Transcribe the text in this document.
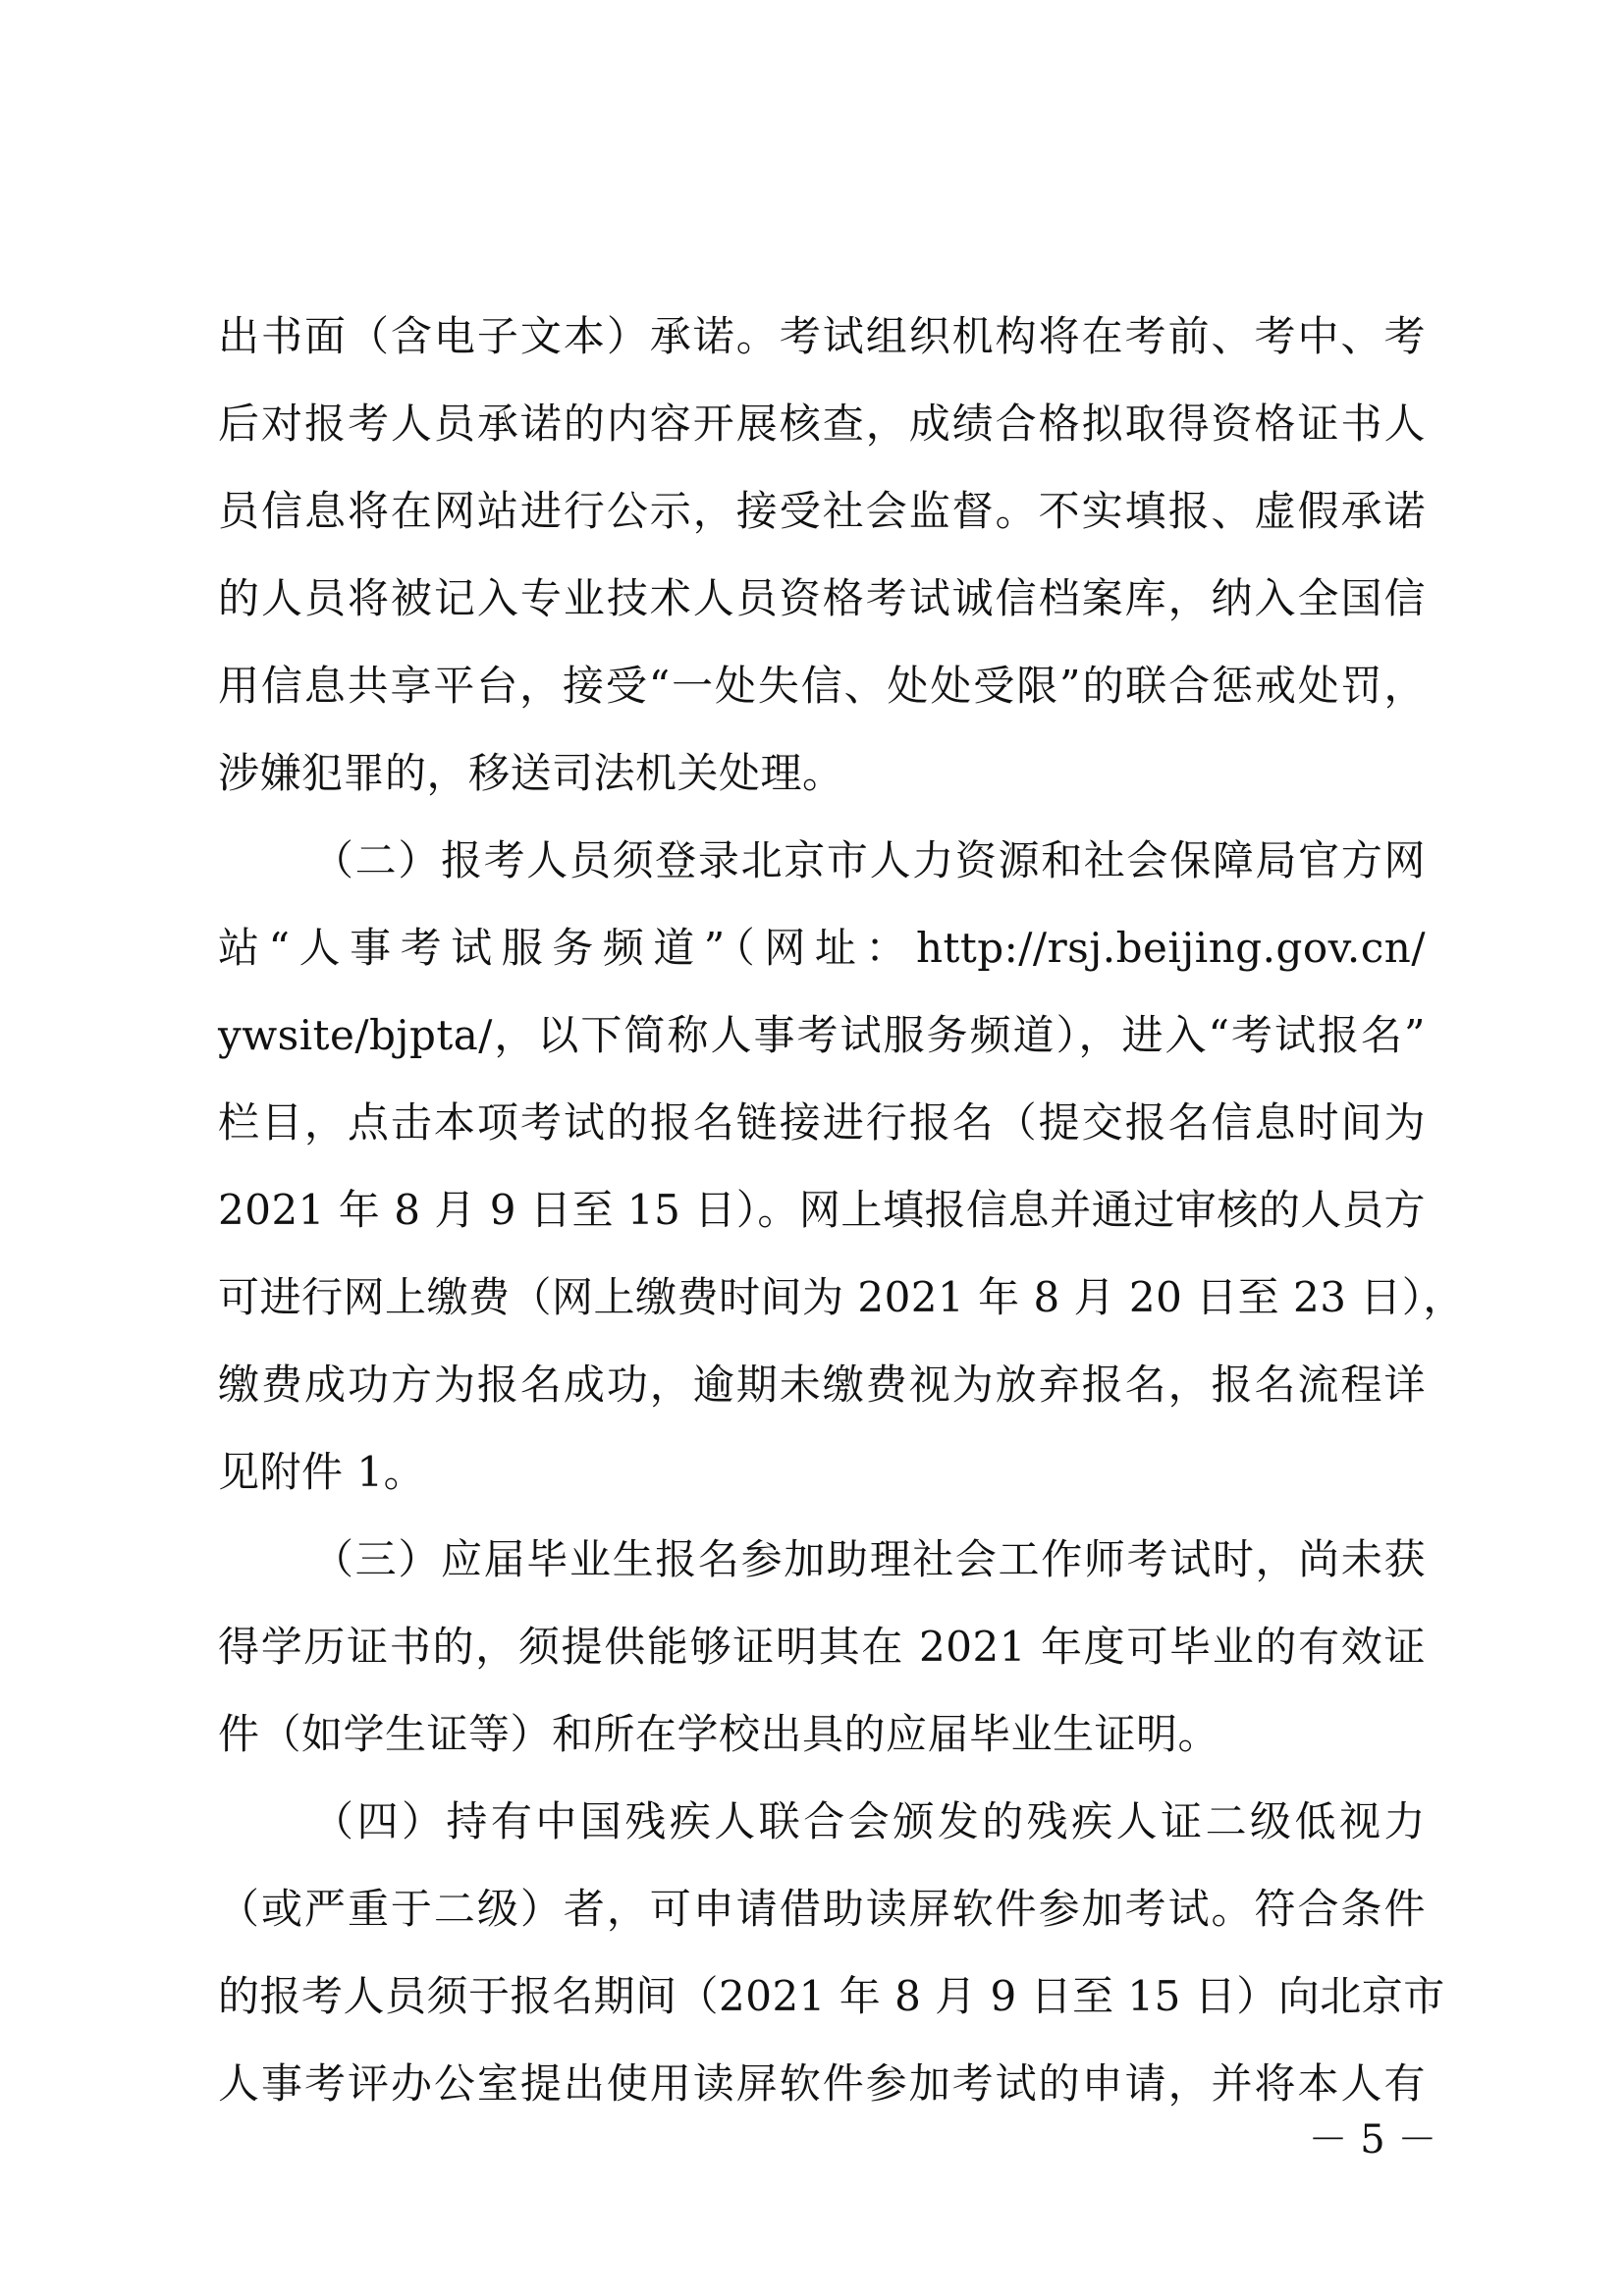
出书面（含电子文本）承诺。考试组织机构将在考前、考中、考
后对报考人员承诺的内容开展核查，成绩合格拟取得资格证书人
员信息将在网站进行公示，接受社会监督。不实填报、虚假承诺
的人员将被记入专业技术人员资格考试诚信档案库，纳入全国信
用信息共享平台，接受“一处失信、处处受限”的联合惩戒处罚，
涉嫌犯罪的，移送司法机关处理。
（二）报考人员须登录北京市人力资源和社会保障局官方网
站“人事考试服务频道”（网址：http://rsj.beijing.gov.cn/
ywsite/bjpta/，以下简称人事考试服务频道），进入“考试报名”
栏目，点击本项考试的报名链接进行报名（提交报名信息时间为
2021 年 8 月 9 日至 15 日）。网上填报信息并通过审核的人员方
可进行网上缴费（网上缴费时间为 2021 年 8 月 20 日至 23 日），
缴费成功方为报名成功，逾期未缴费视为放弃报名，报名流程详
见附件 1。
（三）应届毕业生报名参加助理社会工作师考试时，尚未获
得学历证书的，须提供能够证明其在 2021 年度可毕业的有效证
件（如学生证等）和所在学校出具的应届毕业生证明。
（四）持有中国残疾人联合会颁发的残疾人证二级低视力
（或严重于二级）者，可申请借助读屏软件参加考试。符合条件
的报考人员须于报名期间（2021 年 8 月 9 日至 15 日）向北京市
人事考评办公室提出使用读屏软件参加考试的申请，并将本人有
－ 5 －
